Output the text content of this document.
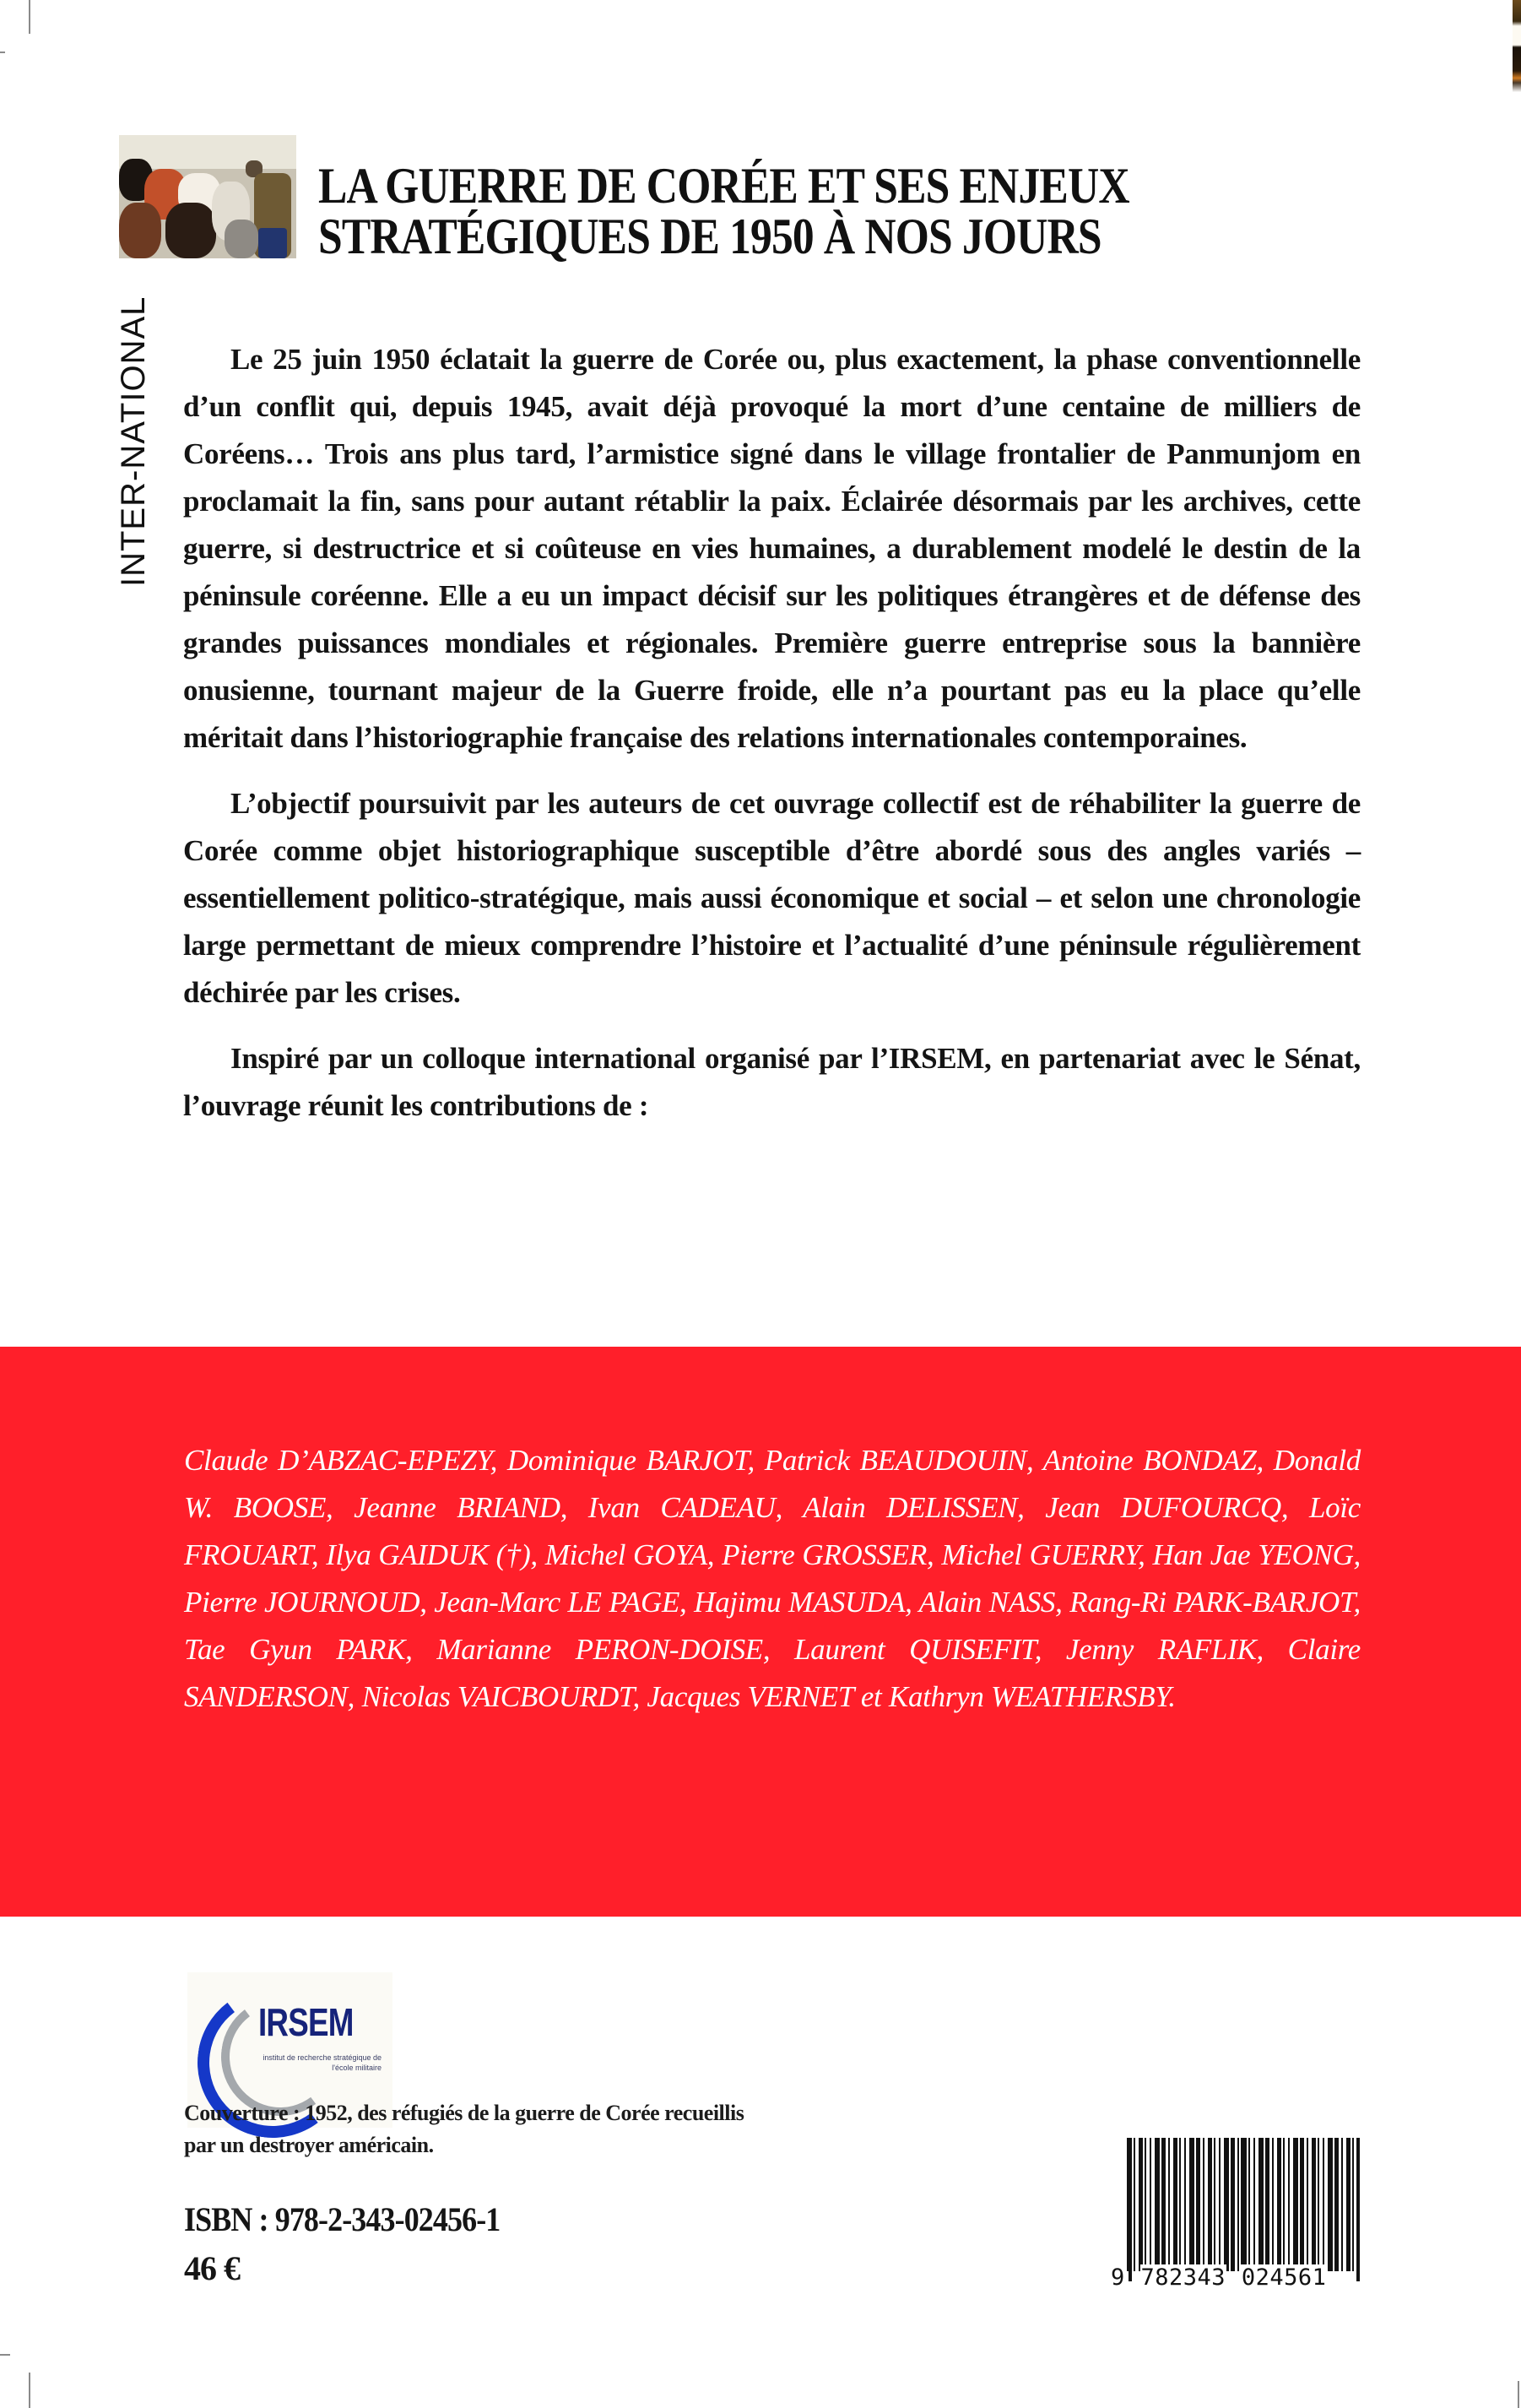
LA GUERRE DE CORÉE ET SES ENJEUX
STRATÉGIQUES DE 1950 À NOS JOURS
INTER-NATIONAL	Le 25 juin 1950 éclatait la guerre de Corée ou, plus exactement, la phase conventionnelle d’un conflit qui, depuis 1945, avait déjà provoqué la mort d’une centaine de milliers de Coréens… Trois ans plus tard, l’armistice signé dans le village frontalier de Panmunjom en proclamait la fin, sans pour autant rétablir la paix. Éclairée désormais par les archives, cette guerre, si destructrice et si coûteuse en vies humaines, a durablement modelé le destin de la péninsule coréenne. Elle a eu un impact décisif sur les politiques étrangères et de défense des grandes puissances mondiales et régionales. Première guerre entreprise sous la bannière onusienne, tournant majeur de la Guerre froide, elle n’a pourtant pas eu la place qu’elle méritait dans l’historiographie française des relations internationales contemporaines.

L’objectif poursuivit par les auteurs de cet ouvrage collectif est de réhabiliter la guerre de Corée comme objet historiographique susceptible d’être abordé sous des angles variés – essentiellement politico-stratégique, mais aussi économique et social – et selon une chronologie large permettant de mieux comprendre l’histoire et l’actualité d’une péninsule régulièrement déchirée par les crises.

Inspiré par un colloque international organisé par l’IRSEM, en partenariat avec le Sénat, l’ouvrage réunit les contributions de :

Claude D’ABZAC-EPEZY, Dominique BARJOT, Patrick BEAUDOUIN, Antoine BONDAZ, Donald W. BOOSE, Jeanne BRIAND, Ivan CADEAU, Alain DELISSEN, Jean DUFOURCQ, Loïc FROUART, Ilya GAIDUK (†), Michel GOYA, Pierre GROSSER, Michel GUERRY, Han Jae YEONG, Pierre JOURNOUD, Jean-Marc LE PAGE, Hajimu MASUDA, Alain NASS, Rang-Ri PARK-BARJOT, Tae Gyun PARK, Marianne PERON-DOISE, Laurent QUISEFIT, Jenny RAFLIK, Claire SANDERSON, Nicolas VAICBOURDT, Jacques VERNET et Kathryn WEATHERSBY.
IRSEM
institut de recherche stratégique de l'école militaire
Couverture : 1952, des réfugiés de la guerre de Corée recueillis
par un destroyer américain.
ISBN : 978-2-343-02456-1
46 €	9 782343 024561
